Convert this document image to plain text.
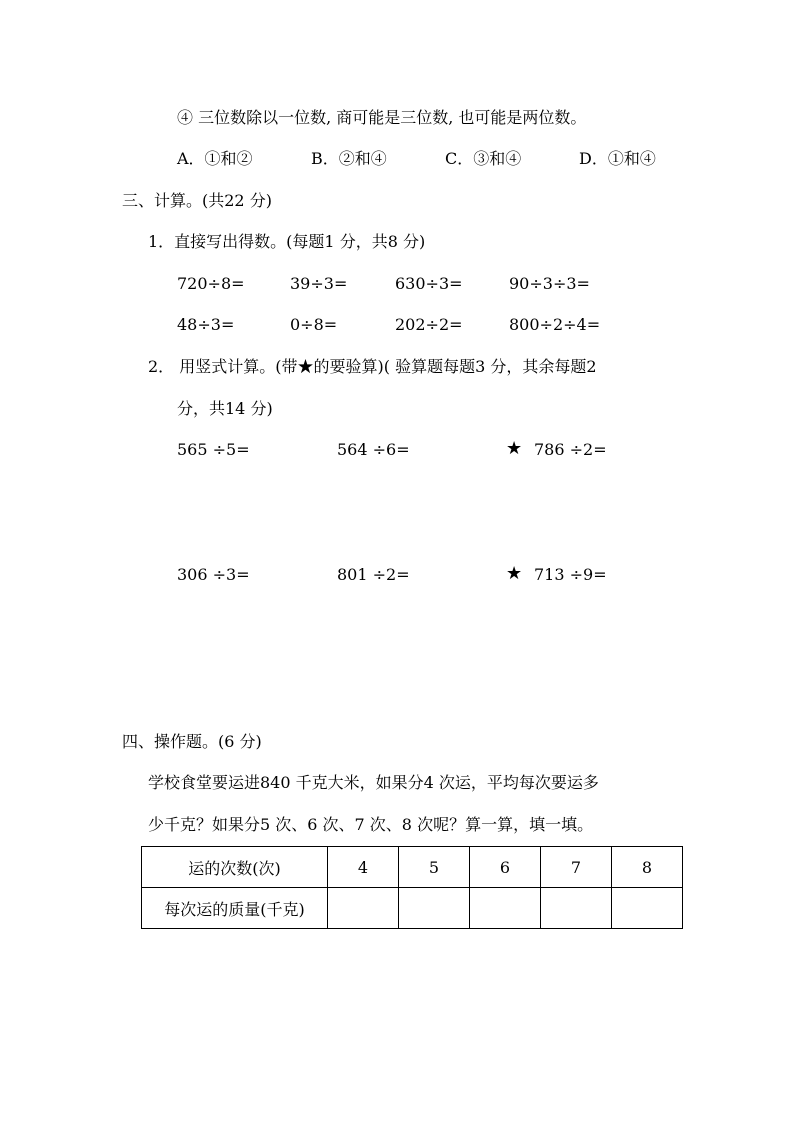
④ 三位数除以一位数, 商可能是三位数, 也可能是两位数。
A．①和②	B．②和④	C．③和④	D．①和④
三、计算。(共22 分)
1．直接写出得数。(每题1 分，共8 分)
720÷8=	39÷3=	630÷3=	90÷3÷3=
48÷3=	0÷8=	202÷2=	800÷2÷4=
2． 用竖式计算。(带★的要验算)( 验算题每题3 分，其余每题2
分，共14 分)
565 ÷5=	564 ÷6=	★ 786 ÷2=
306 ÷3=	801 ÷2=	★ 713 ÷9=
四、操作题。(6 分)
学校食堂要运进840 千克大米，如果分4 次运，平均每次要运多
少千克？如果分5 次、6 次、7 次、8 次呢？算一算，填一填。
运的次数(次)	4	5	6	7	8
每次运的质量(千克)					
